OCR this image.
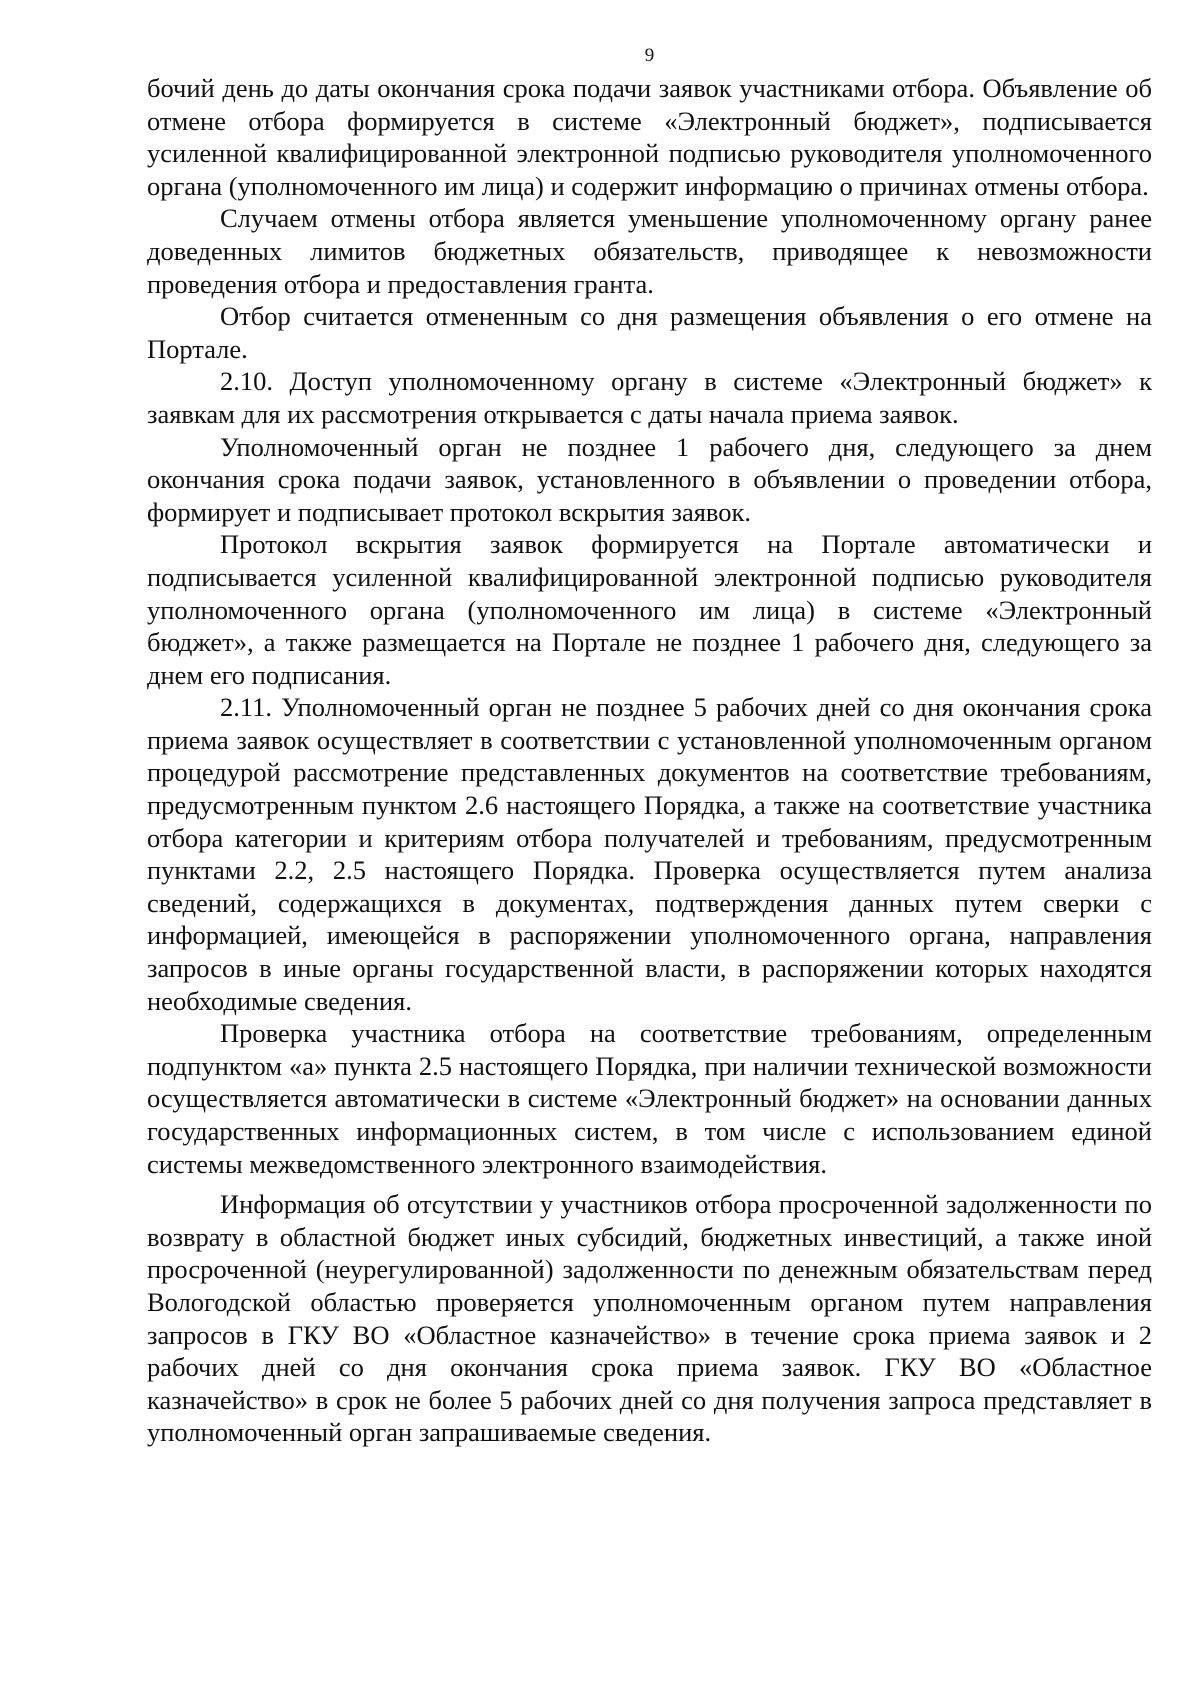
9

бочий день до даты окончания срока подачи заявок участниками отбора. Объявление об отмене отбора формируется в системе «Электронный бюджет», подписывается усиленной квалифицированной электронной подписью руководителя уполномоченного органа (уполномоченного им лица) и содержит информацию о причинах отмены отбора.

Случаем отмены отбора является уменьшение уполномоченному органу ранее доведенных лимитов бюджетных обязательств, приводящее к невозможности проведения отбора и предоставления гранта.

Отбор считается отмененным со дня размещения объявления о его отмене на Портале.

2.10. Доступ уполномоченному органу в системе «Электронный бюджет» к заявкам для их рассмотрения открывается с даты начала приема заявок.

Уполномоченный орган не позднее 1 рабочего дня, следующего за днем окончания срока подачи заявок, установленного в объявлении о проведении отбора, формирует и подписывает протокол вскрытия заявок.

Протокол вскрытия заявок формируется на Портале автоматически и подписывается усиленной квалифицированной электронной подписью руководителя уполномоченного органа (уполномоченного им лица) в системе «Электронный бюджет», а также размещается на Портале не позднее 1 рабочего дня, следующего за днем его подписания.

2.11. Уполномоченный орган не позднее 5 рабочих дней со дня окончания срока приема заявок осуществляет в соответствии с установленной уполномоченным органом процедурой рассмотрение представленных документов на соответствие требованиям, предусмотренным пунктом 2.6 настоящего Порядка, а также на соответствие участника отбора категории и критериям отбора получателей и требованиям, предусмотренным пунктами 2.2, 2.5 настоящего Порядка. Проверка осуществляется путем анализа сведений, содержащихся в документах, подтверждения данных путем сверки с информацией, имеющейся в распоряжении уполномоченного органа, направления запросов в иные органы государственной власти, в распоряжении которых находятся необходимые сведения.

Проверка участника отбора на соответствие требованиям, определенным подпунктом «а» пункта 2.5 настоящего Порядка, при наличии технической возможности осуществляется автоматически в системе «Электронный бюджет» на основании данных государственных информационных систем, в том числе с использованием единой системы межведомственного электронного взаимодействия.

Информация об отсутствии у участников отбора просроченной задолженности по возврату в областной бюджет иных субсидий, бюджетных инвестиций, а также иной просроченной (неурегулированной) задолженности по денежным обязательствам перед Вологодской областью проверяется уполномоченным органом путем направления запросов в ГКУ ВО «Областное казначейство» в течение срока приема заявок и 2 рабочих дней со дня окончания срока приема заявок. ГКУ ВО «Областное казначейство» в срок не более 5 рабочих дней со дня получения запроса представляет в уполномоченный орган запрашиваемые сведения.
